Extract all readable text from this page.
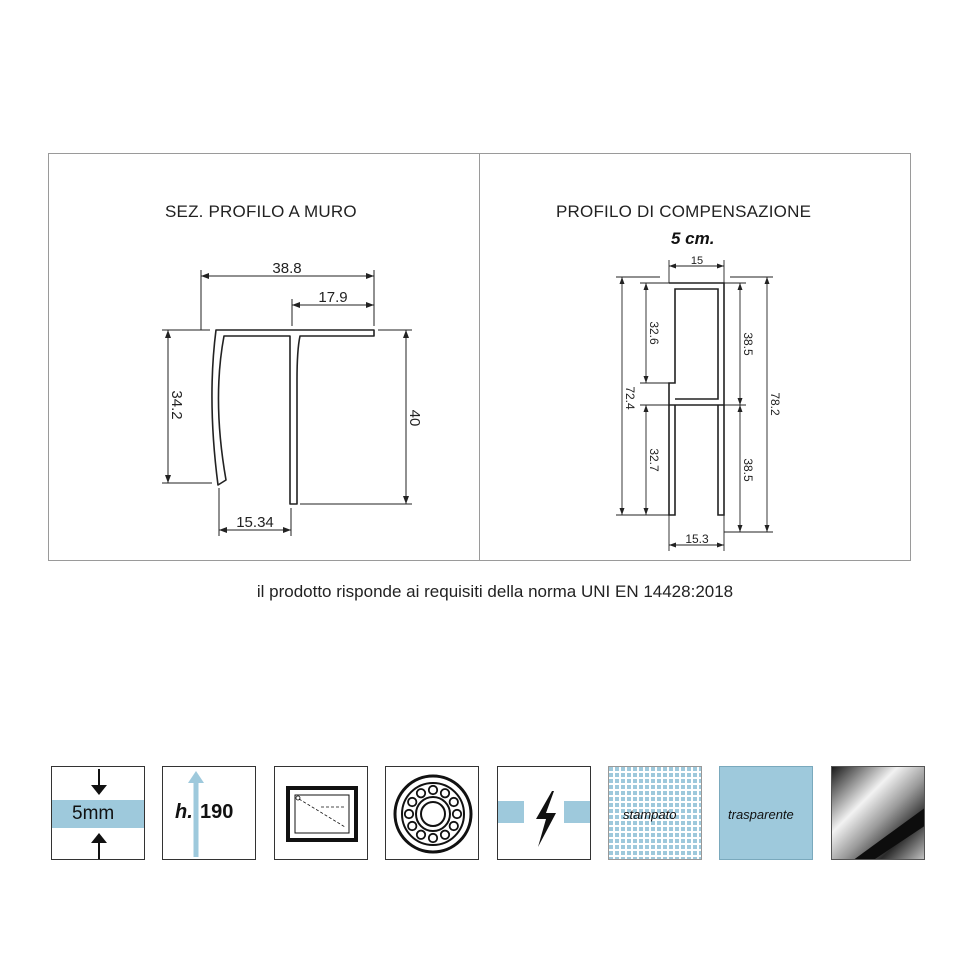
SEZ. PROFILO A MURO
38.8
17.9
34.2	40
15.34
PROFILO DI COMPENSAZIONE
5 cm.
15
32.6
72.4
32.7
38.5
38.5
78.2
15.3
il prodotto risponde ai requisiti della norma UNI EN 14428:2018
5mm	h. 190	stampato	trasparente
